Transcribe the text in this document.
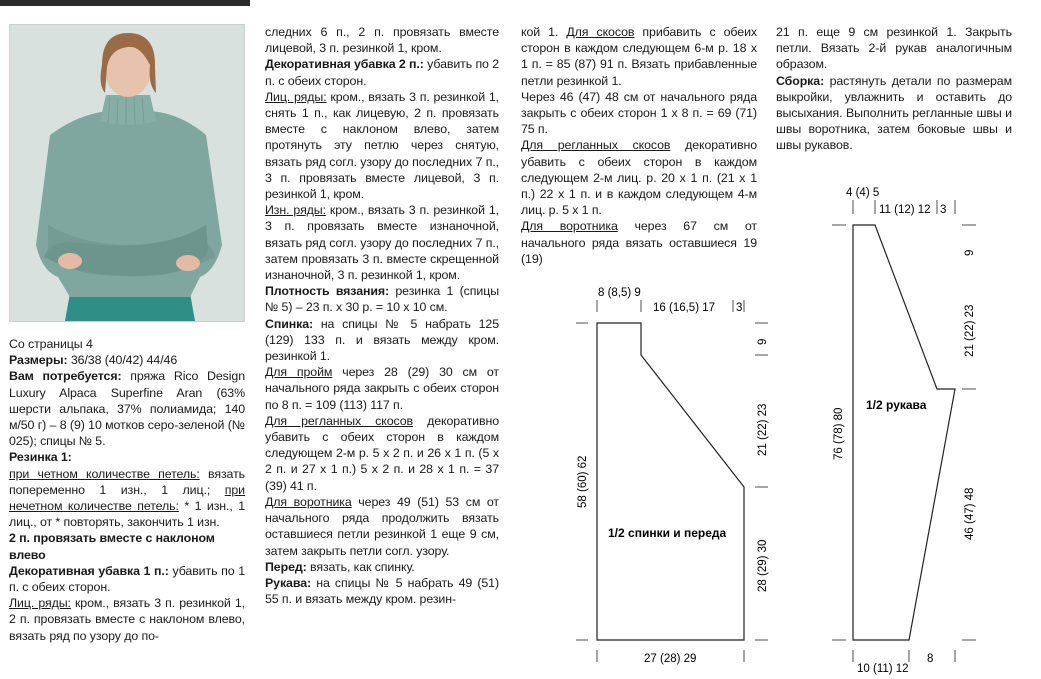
Со страницы 4

Размеры: 36/38 (40/42) 44/46

Вам потребуется: пряжа Rico Design Luxury Alpaca Superfine Aran (63% шерсти альпака, 37% полиамида; 140 м/50 г) – 8 (9) 10 мотков серо-зеленой (№ 025); спицы № 5.

Резинка 1:

при четном количестве петель: вязать попеременно 1 изн., 1 лиц.; при нечетном количестве петель: * 1 изн., 1 лиц., от * повторять, закончить 1 изн.

2 п. провязать вместе с наклоном влево

Декоративная убавка 1 п.: убавить по 1 п. с обеих сторон.

Лиц. ряды: кром., вязать 3 п. резинкой 1, 2 п. провязать вместе с наклоном влево, вязать ряд по узору до по-

следних 6 п., 2 п. провязать вместе лицевой, 3 п. резинкой 1, кром.

Декоративная убавка 2 п.: убавить по 2 п. с обеих сторон.

Лиц. ряды: кром., вязать 3 п. резинкой 1, снять 1 п., как лицевую, 2 п. провязать вместе с наклоном влево, затем протянуть эту петлю через снятую, вязать ряд согл. узору до последних 7 п., 3 п. провязать вместе лицевой, 3 п. резинкой 1, кром.

Изн. ряды: кром., вязать 3 п. резинкой 1, 3 п. провязать вместе изнаночной, вязать ряд согл. узору до последних 7 п., затем провязать 3 п. вместе скрещенной изнаночной, 3 п. резинкой 1, кром.

Плотность вязания: резинка 1 (спицы № 5) – 23 п. х 30 р. = 10 х 10 см.

Спинка: на спицы № 5 набрать 125 (129) 133 п. и вязать между кром. резинкой 1.

Для пройм через 28 (29) 30 см от начального ряда закрыть с обеих сторон по 8 п. = 109 (113) 117 п.

Для регланных скосов декоративно убавить с обеих сторон в каждом следующем 2-м р. 5 х 2 п. и 26 х 1 п. (5 х 2 п. и 27 х 1 п.) 5 х 2 п. и 28 х 1 п. = 37 (39) 41 п.

Для воротника через 49 (51) 53 см от начального ряда продолжить вязать оставшиеся петли резинкой 1 еще 9 см, затем закрыть петли согл. узору.

Перед: вязать, как спинку.

Рукава: на спицы № 5 набрать 49 (51) 55 п. и вязать между кром. резин-

кой 1. Для скосов прибавить с обеих сторон в каждом следующем 6-м р. 18 х 1 п. = 85 (87) 91 п. Вязать прибавленные петли резинкой 1.

Через 46 (47) 48 см от начального ряда закрыть с обеих сторон 1 х 8 п. = 69 (71) 75 п.

Для регланных скосов декоративно убавить с обеих сторон в каждом следующем 2-м лиц. р. 20 х 1 п. (21 х 1 п.) 22 х 1 п. и в каждом следующем 4-м лиц. р. 5 х 1 п.

Для воротника через 67 см от начального ряда вязать оставшиеся 19 (19)

21 п. еще 9 см резинкой 1. Закрыть петли. Вязать 2-й рукав аналогичным образом.

Сборка: растянуть детали по размерам выкройки, увлажнить и оставить до высыхания. Выполнить регланные швы и швы воротника, затем боковые швы и швы рукавов.

8 (8,5) 9
16 (16,5) 17 3
9
21 (22) 23
28 (29) 30
58 (60) 62
27 (28) 29
1/2 спинки и переда
4 (4) 5
11 (12) 12 3
9
21 (22) 23
46 (47) 48
76 (78) 80
10 (11) 12
8
1/2 рукава
